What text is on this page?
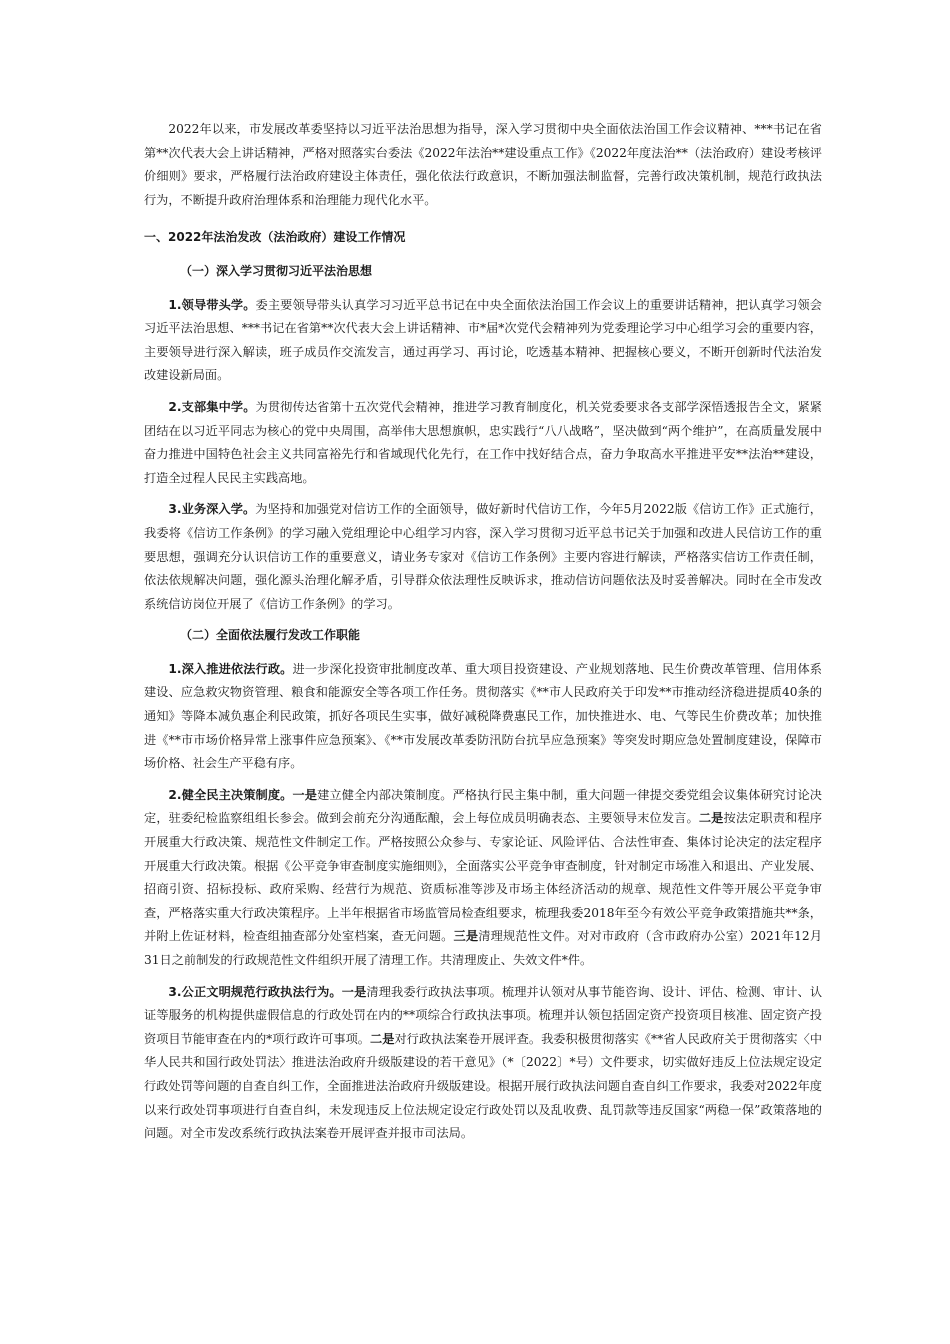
2022年以来，市发展改革委坚持以习近平法治思想为指导，深入学习贯彻中央全面依法治国工作会议精神、***书记在省第**次代表大会上讲话精神，严格对照落实台委法《2022年法治**建设重点工作》《2022年度法治**（法治政府）建设考核评价细则》要求，严格履行法治政府建设主体责任，强化依法行政意识，不断加强法制监督，完善行政决策机制，规范行政执法行为，不断提升政府治理体系和治理能力现代化水平。

一、2022年法治发改（法治政府）建设工作情况
（一）深入学习贯彻习近平法治思想

1.领导带头学。委主要领导带头认真学习习近平总书记在中央全面依法治国工作会议上的重要讲话精神，把认真学习领会习近平法治思想、***书记在省第**次代表大会上讲话精神、市*届*次党代会精神列为党委理论学习中心组学习会的重要内容，主要领导进行深入解读，班子成员作交流发言，通过再学习、再讨论，吃透基本精神、把握核心要义，不断开创新时代法治发改建设新局面。

2.支部集中学。为贯彻传达省第十五次党代会精神，推进学习教育制度化，机关党委要求各支部学深悟透报告全文，紧紧团结在以习近平同志为核心的党中央周围，高举伟大思想旗帜，忠实践行“八八战略”，坚决做到“两个维护”，在高质量发展中奋力推进中国特色社会主义共同富裕先行和省域现代化先行，在工作中找好结合点，奋力争取高水平推进平安**法治**建设，打造全过程人民民主实践高地。

3.业务深入学。为坚持和加强党对信访工作的全面领导，做好新时代信访工作，今年5月2022版《信访工作》正式施行，我委将《信访工作条例》的学习融入党组理论中心组学习内容，深入学习贯彻习近平总书记关于加强和改进人民信访工作的重要思想，强调充分认识信访工作的重要意义，请业务专家对《信访工作条例》主要内容进行解读，严格落实信访工作责任制，依法依规解决问题，强化源头治理化解矛盾，引导群众依法理性反映诉求，推动信访问题依法及时妥善解决。同时在全市发改系统信访岗位开展了《信访工作条例》的学习。

（二）全面依法履行发改工作职能

1.深入推进依法行政。进一步深化投资审批制度改革、重大项目投资建设、产业规划落地、民生价费改革管理、信用体系建设、应急救灾物资管理、粮食和能源安全等各项工作任务。贯彻落实《**市人民政府关于印发**市推动经济稳进提质40条的通知》等降本减负惠企利民政策，抓好各项民生实事，做好减税降费惠民工作，加快推进水、电、气等民生价费改革；加快推进《**市市场价格异常上涨事件应急预案》、《**市发展改革委防汛防台抗旱应急预案》等突发时期应急处置制度建设，保障市场价格、社会生产平稳有序。

2.健全民主决策制度。一是建立健全内部决策制度。严格执行民主集中制，重大问题一律提交委党组会议集体研究讨论决定，驻委纪检监察组组长参会。做到会前充分沟通酝酿，会上每位成员明确表态、主要领导末位发言。二是按法定职责和程序开展重大行政决策、规范性文件制定工作。严格按照公众参与、专家论证、风险评估、合法性审查、集体讨论决定的法定程序开展重大行政决策。根据《公平竞争审查制度实施细则》，全面落实公平竞争审查制度，针对制定市场准入和退出、产业发展、招商引资、招标投标、政府采购、经营行为规范、资质标准等涉及市场主体经济活动的规章、规范性文件等开展公平竞争审查，严格落实重大行政决策程序。上半年根据省市场监管局检查组要求，梳理我委2018年至今有效公平竞争政策措施共**条，并附上佐证材料，检查组抽查部分处室档案，查无问题。三是清理规范性文件。对对市政府（含市政府办公室）2021年12月31日之前制发的行政规范性文件组织开展了清理工作。共清理废止、失效文件*件。

3.公正文明规范行政执法行为。一是清理我委行政执法事项。梳理并认领对从事节能咨询、设计、评估、检测、审计、认证等服务的机构提供虚假信息的行政处罚在内的**项综合行政执法事项。梳理并认领包括固定资产投资项目核准、固定资产投资项目节能审查在内的*项行政许可事项。二是对行政执法案卷开展评查。我委积极贯彻落实《**省人民政府关于贯彻落实〈中华人民共和国行政处罚法〉推进法治政府升级版建设的若干意见》（*〔2022〕*号）文件要求，切实做好违反上位法规定设定行政处罚等问题的自查自纠工作，全面推进法治政府升级版建设。根据开展行政执法问题自查自纠工作要求，我委对2022年度以来行政处罚事项进行自查自纠，未发现违反上位法规定设定行政处罚以及乱收费、乱罚款等违反国家“两稳一保”政策落地的问题。对全市发改系统行政执法案卷开展评查并报市司法局。
